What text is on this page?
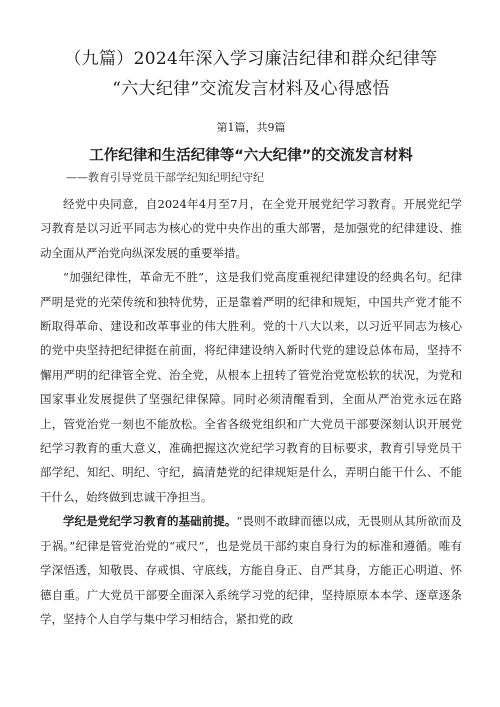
（九篇）2024年深入学习廉洁纪律和群众纪律等
“六大纪律”交流发言材料及心得感悟
第1篇，共9篇
工作纪律和生活纪律等“六大纪律”的交流发言材料
——教育引导党员干部学纪知纪明纪守纪

经党中央同意，自2024年4月至7月，在全党开展党纪学习教育。开展党纪学习教育是以习近平同志为核心的党中央作出的重大部署，是加强党的纪律建设、推动全面从严治党向纵深发展的重要举措。

“加强纪律性，革命无不胜”，这是我们党高度重视纪律建设的经典名句。纪律严明是党的光荣传统和独特优势，正是靠着严明的纪律和规矩，中国共产党才能不断取得革命、建设和改革事业的伟大胜利。党的十八大以来，以习近平同志为核心的党中央坚持把纪律挺在前面，将纪律建设纳入新时代党的建设总体布局，坚持不懈用严明的纪律管全党、治全党，从根本上扭转了管党治党宽松软的状况，为党和国家事业发展提供了坚强纪律保障。同时必须清醒看到，全面从严治党永远在路上，管党治党一刻也不能放松。全省各级党组织和广大党员干部要深刻认识开展党纪学习教育的重大意义，准确把握这次党纪学习教育的目标要求，教育引导党员干部学纪、知纪、明纪、守纪，搞清楚党的纪律规矩是什么，弄明白能干什么、不能干什么，始终做到忠诚干净担当。

学纪是党纪学习教育的基础前提。“畏则不敢肆而德以成，无畏则从其所欲而及于祸。”纪律是管党治党的“戒尺”，也是党员干部约束自身行为的标准和遵循。唯有学深悟透，知敬畏、存戒惧、守底线，方能自身正、自严其身，方能正心明道、怀德自重。广大党员干部要全面深入系统学习党的纪律，坚持原原本本学、逐章逐条学，坚持个人自学与集中学习相结合，紧扣党的政
